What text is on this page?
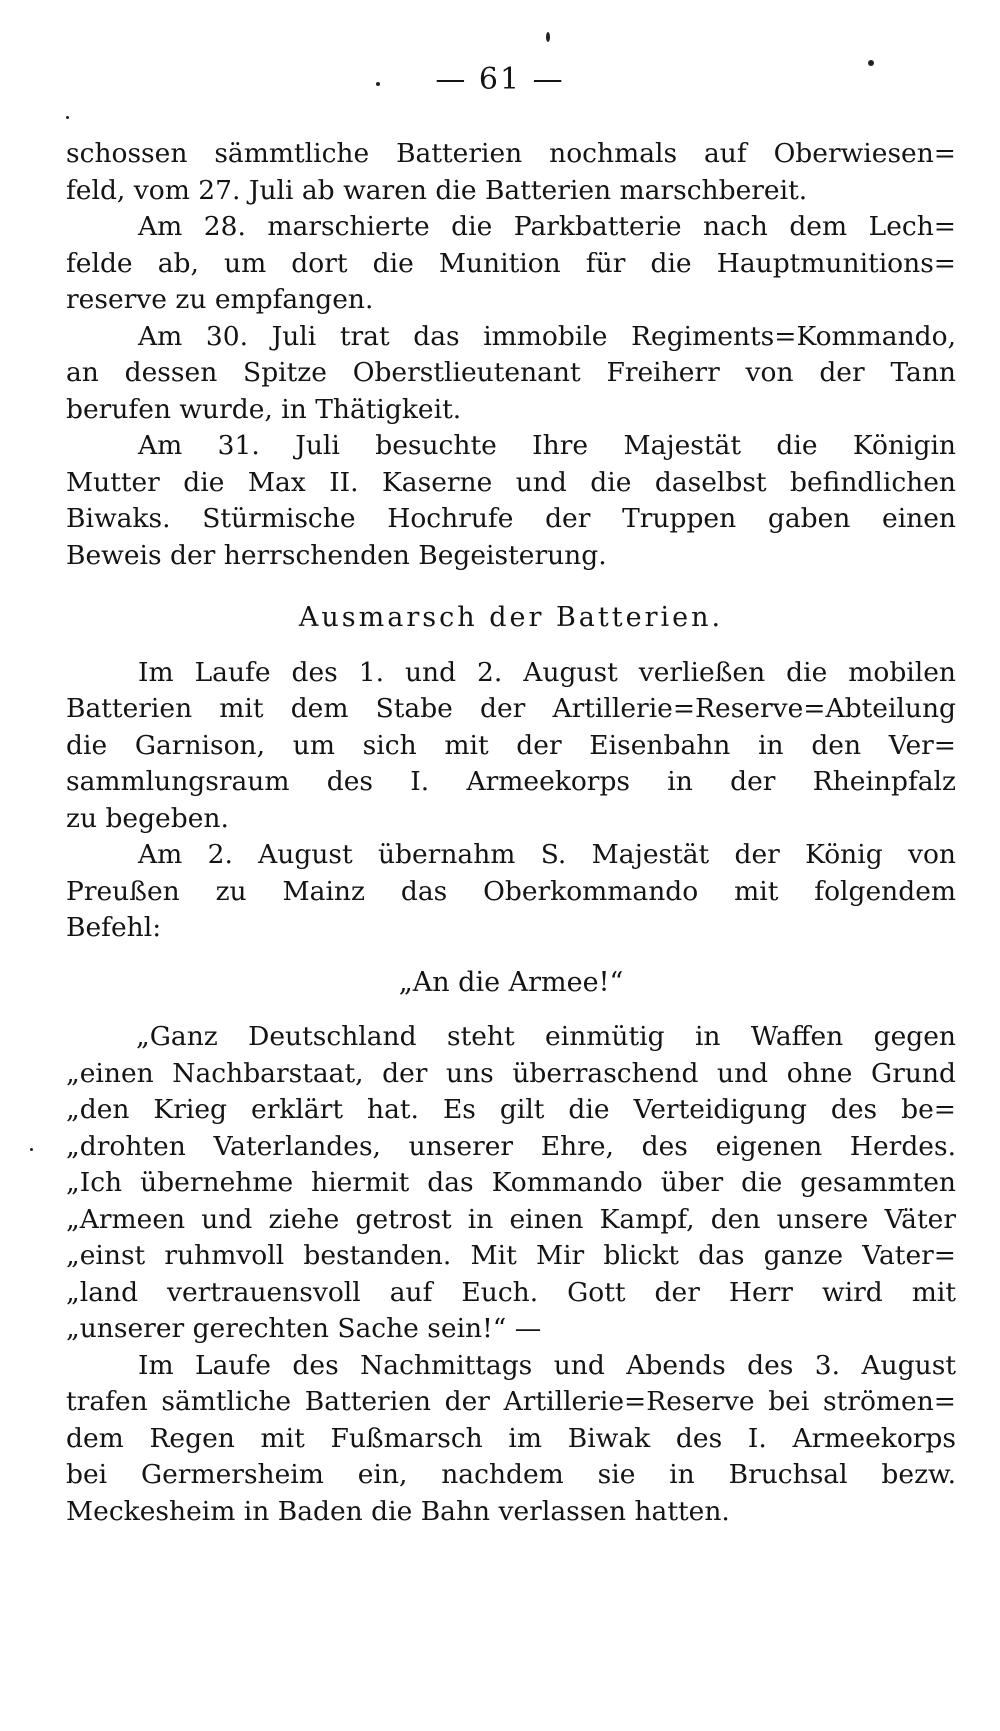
— 61 —
schossen sämmtliche Batterien nochmals auf Oberwiesen=
feld, vom 27. Juli ab waren die Batterien marschbereit.
Am 28. marschierte die Parkbatterie nach dem Lech=
felde ab, um dort die Munition für die Hauptmunitions=
reserve zu empfangen.
Am 30. Juli trat das immobile Regiments=Kommando,
an dessen Spitze Oberstlieutenant Freiherr von der Tann
berufen wurde, in Thätigkeit.
Am 31. Juli besuchte Ihre Majestät die Königin
Mutter die Max II. Kaserne und die daselbst befindlichen
Biwaks. Stürmische Hochrufe der Truppen gaben einen
Beweis der herrschenden Begeisterung.
Ausmarsch der Batterien.
Im Laufe des 1. und 2. August verließen die mobilen
Batterien mit dem Stabe der Artillerie=Reserve=Abteilung
die Garnison, um sich mit der Eisenbahn in den Ver=
sammlungsraum des I. Armeekorps in der Rheinpfalz
zu begeben.
Am 2. August übernahm S. Majestät der König von
Preußen zu Mainz das Oberkommando mit folgendem
Befehl:
„An die Armee!“
„Ganz Deutschland steht einmütig in Waffen gegen
„einen Nachbarstaat, der uns überraschend und ohne Grund
„den Krieg erklärt hat. Es gilt die Verteidigung des be=
„drohten Vaterlandes, unserer Ehre, des eigenen Herdes.
„Ich übernehme hiermit das Kommando über die gesammten
„Armeen und ziehe getrost in einen Kampf, den unsere Väter
„einst ruhmvoll bestanden. Mit Mir blickt das ganze Vater=
„land vertrauensvoll auf Euch. Gott der Herr wird mit
„unserer gerechten Sache sein!“ —
Im Laufe des Nachmittags und Abends des 3. August
trafen sämtliche Batterien der Artillerie=Reserve bei strömen=
dem Regen mit Fußmarsch im Biwak des I. Armeekorps
bei Germersheim ein, nachdem sie in Bruchsal bezw.
Meckesheim in Baden die Bahn verlassen hatten.
